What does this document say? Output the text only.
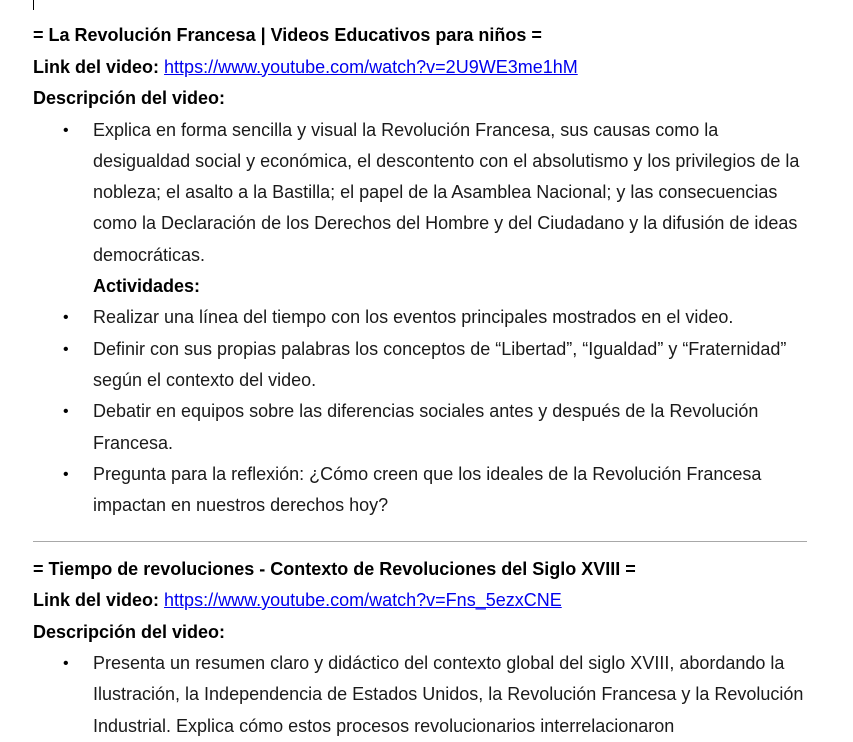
= La Revolución Francesa | Videos Educativos para niños =

Link del video: https://www.youtube.com/watch?v=2U9WE3me1hM

Descripción del video:

• Explica en forma sencilla y visual la Revolución Francesa, sus causas como la desigualdad social y económica, el descontento con el absolutismo y los privilegios de la nobleza; el asalto a la Bastilla; el papel de la Asamblea Nacional; y las consecuencias como la Declaración de los Derechos del Hombre y del Ciudadano y la difusión de ideas democráticas.
Actividades:
• Realizar una línea del tiempo con los eventos principales mostrados en el video.
• Definir con sus propias palabras los conceptos de “Libertad”, “Igualdad” y “Fraternidad” según el contexto del video.
• Debatir en equipos sobre las diferencias sociales antes y después de la Revolución Francesa.
• Pregunta para la reflexión: ¿Cómo creen que los ideales de la Revolución Francesa impactan en nuestros derechos hoy?

= Tiempo de revoluciones - Contexto de Revoluciones del Siglo XVIII =

Link del video: https://www.youtube.com/watch?v=Fns_5ezxCNE

Descripción del video:

• Presenta un resumen claro y didáctico del contexto global del siglo XVIII, abordando la Ilustración, la Independencia de Estados Unidos, la Revolución Francesa y la Revolución Industrial. Explica cómo estos procesos revolucionarios interrelacionaron
